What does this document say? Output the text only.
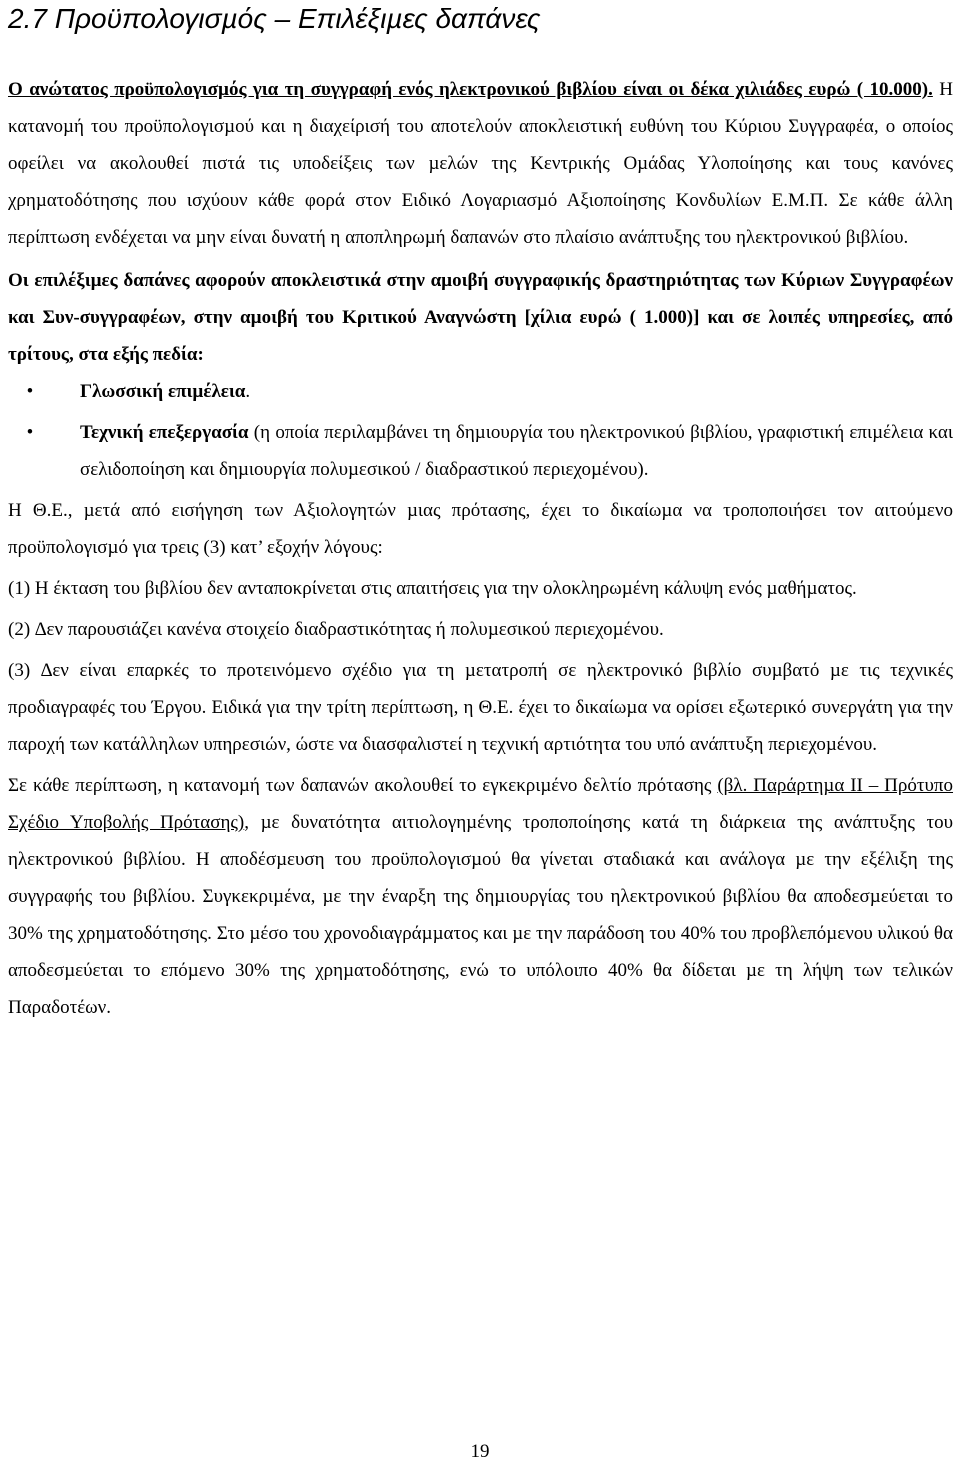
2.7 Προϋπολογισµός – Επιλέξιµες δαπάνες

Ο ανώτατος προϋπολογισµός για τη συγγραφή ενός ηλεκτρονικού βιβλίου είναι οι δέκα χιλιάδες ευρώ ( 10.000). Η κατανοµή του προϋπολογισµού και η διαχείρισή του αποτελούν αποκλειστική ευθύνη του Κύριου Συγγραφέα, ο οποίος οφείλει να ακολουθεί πιστά τις υποδείξεις των µελών της Κεντρικής Οµάδας Υλοποίησης και τους κανόνες χρηµατοδότησης που ισχύουν κάθε φορά στον Ειδικό Λογαριασµό Αξιοποίησης Κονδυλίων Ε.Μ.Π. Σε κάθε άλλη περίπτωση ενδέχεται να µην είναι δυνατή η αποπληρωµή δαπανών στο πλαίσιο ανάπτυξης του ηλεκτρονικού βιβλίου.

Οι επιλέξιµες δαπάνες αφορούν αποκλειστικά στην αµοιβή συγγραφικής δραστηριότητας των Κύριων Συγγραφέων και Συν-συγγραφέων, στην αµοιβή του Κριτικού Αναγνώστη [χίλια ευρώ ( 1.000)] και σε λοιπές υπηρεσίες, από τρίτους, στα εξής πεδία:

•	Γλωσσική επιµέλεια.
•	Τεχνική επεξεργασία (η οποία περιλαµβάνει τη δηµιουργία του ηλεκτρονικού βιβλίου, γραφιστική επιµέλεια και σελιδοποίηση και δηµιουργία πολυµεσικού / διαδραστικού περιεχοµένου).

Η Θ.Ε., µετά από εισήγηση των Αξιολογητών µιας πρότασης, έχει το δικαίωµα να τροποποιήσει τον αιτούµενο προϋπολογισµό για τρεις (3) κατ’ εξοχήν λόγους:

(1) Η έκταση του βιβλίου δεν ανταποκρίνεται στις απαιτήσεις για την ολοκληρωµένη κάλυψη ενός µαθήµατος.

(2) ∆εν παρουσιάζει κανένα στοιχείο διαδραστικότητας ή πολυµεσικού περιεχοµένου.

(3) ∆εν είναι επαρκές το προτεινόµενο σχέδιο για τη µετατροπή σε ηλεκτρονικό βιβλίο συµβατό µε τις τεχνικές προδιαγραφές του Έργου. Ειδικά για την τρίτη περίπτωση, η Θ.Ε. έχει το δικαίωµα να ορίσει εξωτερικό συνεργάτη για την παροχή των κατάλληλων υπηρεσιών, ώστε να διασφαλιστεί η τεχνική αρτιότητα του υπό ανάπτυξη περιεχοµένου.

Σε κάθε περίπτωση, η κατανοµή των δαπανών ακολουθεί το εγκεκριµένο δελτίο πρότασης (βλ. Παράρτηµα ΙΙ – Πρότυπο Σχέδιο Υποβολής Πρότασης), µε δυνατότητα αιτιολογηµένης τροποποίησης κατά τη διάρκεια της ανάπτυξης του ηλεκτρονικού βιβλίου. Η αποδέσµευση του προϋπολογισµού θα γίνεται σταδιακά και ανάλογα µε την εξέλιξη της συγγραφής του βιβλίου. Συγκεκριµένα, µε την έναρξη της δηµιουργίας του ηλεκτρονικού βιβλίου θα αποδεσµεύεται το 30% της χρηµατοδότησης. Στο µέσο του χρονοδιαγράµµατος και µε την παράδοση του 40% του προβλεπόµενου υλικού θα αποδεσµεύεται το επόµενο 30% της χρηµατοδότησης, ενώ το υπόλοιπο 40% θα δίδεται µε τη λήψη των τελικών Παραδοτέων.

19
